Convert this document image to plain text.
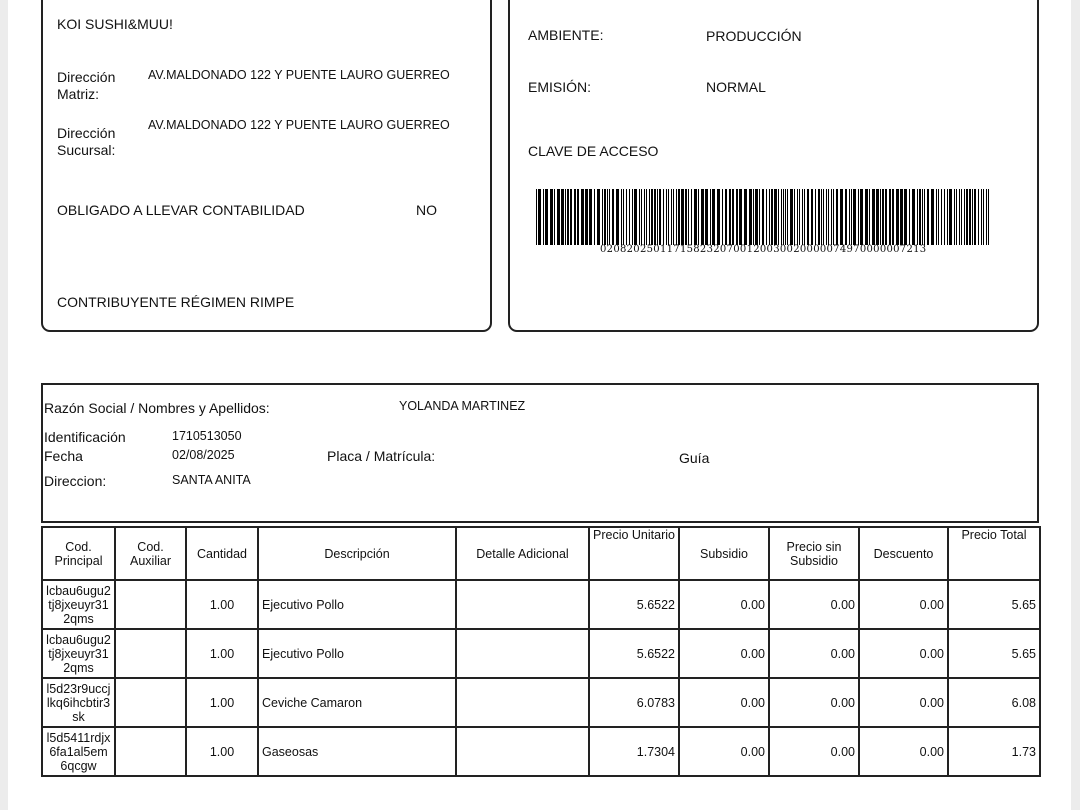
KOI SUSHI&MUU!
Dirección Matriz:
AV.MALDONADO 122 Y PUENTE LAURO GUERREO
Dirección Sucursal:
AV.MALDONADO 122 Y PUENTE LAURO GUERREO
OBLIGADO A LLEVAR CONTABILIDAD	NO
CONTRIBUYENTE RÉGIMEN RIMPE
AMBIENTE:	PRODUCCIÓN
EMISIÓN:	NORMAL
CLAVE DE ACCESO
0208202501171582320700120030020000074970000007213
Razón Social / Nombres y Apellidos:	YOLANDA MARTINEZ
Identificación	1710513050
Fecha	02/08/2025	Placa / Matrícula:	Guía
Direccion:	SANTA ANITA
Cod. Principal	Cod. Auxiliar	Cantidad	Descripción	Detalle Adicional	Precio Unitario	Subsidio	Precio sin Subsidio	Descuento	Precio Total
lcbau6ugu2tj8jxeuyr312qms		1.00	Ejecutivo Pollo		5.6522	0.00	0.00	0.00	5.65
lcbau6ugu2tj8jxeuyr312qms		1.00	Ejecutivo Pollo		5.6522	0.00	0.00	0.00	5.65
l5d23r9uccjlkq6ihcbtir3sk		1.00	Ceviche Camaron		6.0783	0.00	0.00	0.00	6.08
l5d5411rdjx6fa1al5em6qcgw		1.00	Gaseosas		1.7304	0.00	0.00	0.00	1.73
